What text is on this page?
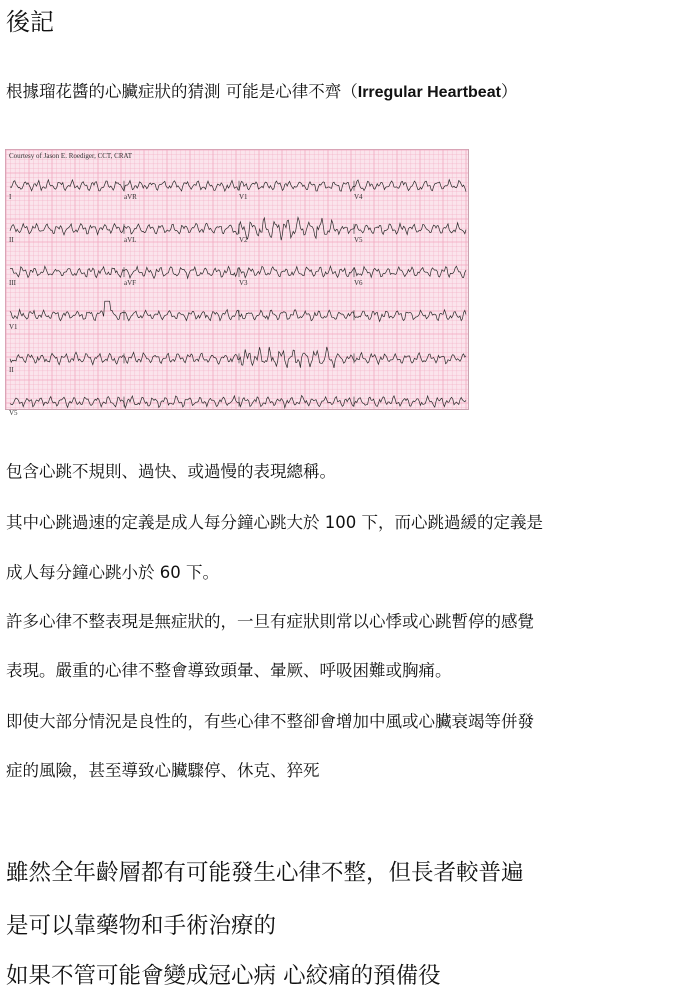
後記
根據瑠花醬的心臟症狀的猜測 可能是心律不齊（Irregular Heartbeat）
Courtesy of Jason E. Roediger, CCT, CRAT
I	aVR	V1	V4
II	aVL	V2	V5
III	aVF	V3	V6
V1
II
V5
包含心跳不規則、過快、或過慢的表現總稱。
其中心跳過速的定義是成人每分鐘心跳大於 100 下，而心跳過緩的定義是
成人每分鐘心跳小於 60 下。
許多心律不整表現是無症狀的，一旦有症狀則常以心悸或心跳暫停的感覺
表現。嚴重的心律不整會導致頭暈、暈厥、呼吸困難或胸痛。
即使大部分情況是良性的，有些心律不整卻會增加中風或心臟衰竭等併發
症的風險，甚至導致心臟驟停、休克、猝死
雖然全年齡層都有可能發生心律不整，但長者較普遍
是可以靠藥物和手術治療的
如果不管可能會變成冠心病 心絞痛的預備役
